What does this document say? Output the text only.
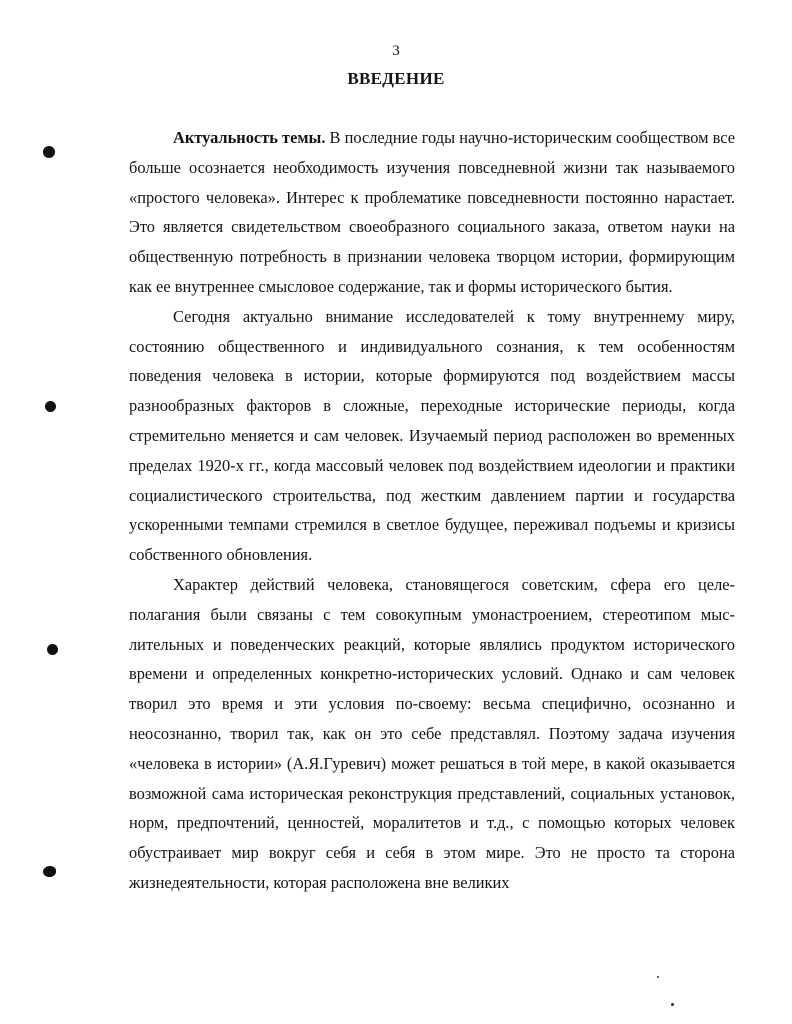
3
ВВЕДЕНИЕ

Актуальность темы. В последние годы научно-историческим сообществом все больше осознается необходимость изучения повседневной жизни так называемого «простого человека». Интерес к проблематике повседневности постоянно нарастает. Это является свидетельством своеобразного социального заказа, ответом науки на общественную потребность в признании человека творцом истории, формирующим как ее внутреннее смысловое содержание, так и формы исторического бытия.

Сегодня актуально внимание исследователей к тому внутреннему миру, состоянию общественного и индивидуального сознания, к тем особенностям поведения человека в истории, которые формируются под воздействием массы разнообразных факторов в сложные, переходные исторические периоды, когда стремительно меняется и сам человек. Изучаемый период расположен во временных пределах 1920-х гг., когда массовый человек под воздействием идеологии и практики социалистического строительства, под жестким давлением партии и государства ускоренными темпами стремился в светлое будущее, переживал подъемы и кризисы собственного обновления.

Характер действий человека, становящегося советским, сфера его целеполагания были связаны с тем совокупным умонастроением, стереотипом мыслительных и поведенческих реакций, которые являлись продуктом исторического времени и определенных конкретно-исторических условий. Однако и сам человек творил это время и эти условия по-своему: весьма специфично, осознанно и неосознанно, творил так, как он это себе представлял. Поэтому задача изучения «человека в истории» (А.Я.Гуревич) может решаться в той мере, в какой оказывается возможной сама историческая реконструкция представлений, социальных установок, норм, предпочтений, ценностей, моралитетов и т.д., с помощью которых человек обустраивает мир вокруг себя и себя в этом мире. Это не просто та сторона жизнедеятельности, которая расположена вне великих
